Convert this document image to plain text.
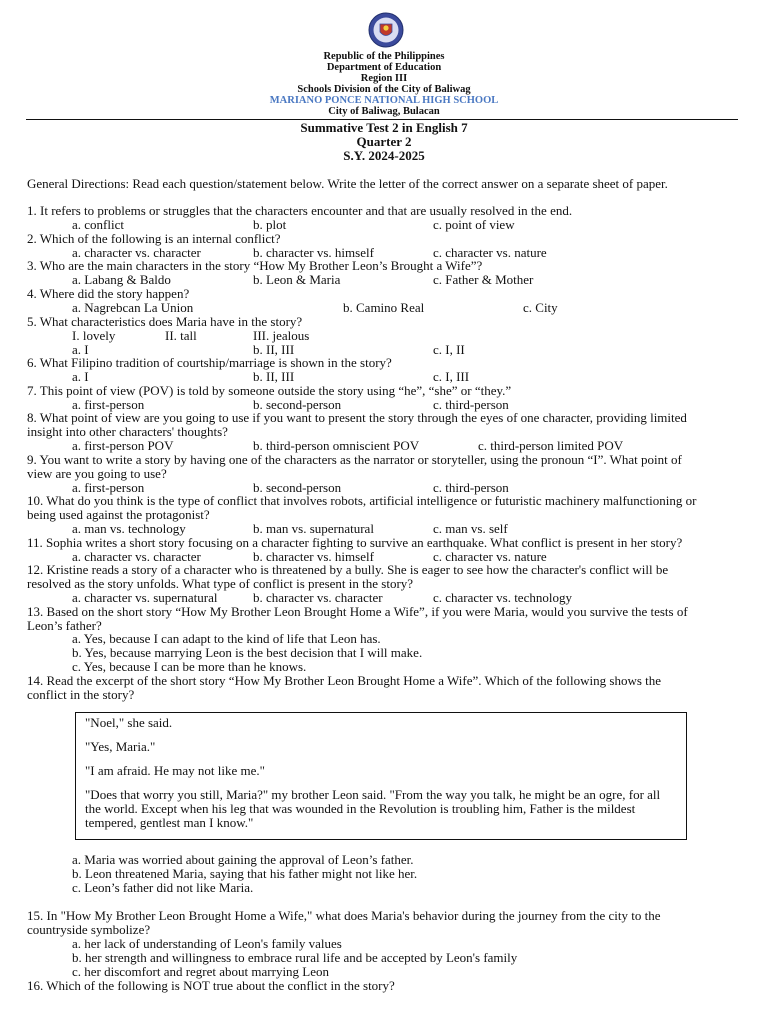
Republic of the Philippines
Department of Education
Region III
Schools Division of the City of Baliwag
MARIANO PONCE NATIONAL HIGH SCHOOL
City of Baliwag, Bulacan
Summative Test 2 in English 7
Quarter 2
S.Y. 2024-2025
General Directions: Read each question/statement below. Write the letter of the correct answer on a separate sheet of paper.
1. It refers to problems or struggles that the characters encounter and that are usually resolved in the end.
a. conflict	b. plot	c. point of view
2. Which of the following is an internal conflict?
a. character vs. character	b. character vs. himself	c. character vs. nature
3. Who are the main characters in the story “How My Brother Leon’s Brought a Wife”?
a. Labang & Baldo	b. Leon & Maria	c. Father & Mother
4. Where did the story happen?
a. Nagrebcan La Union	b. Camino Real	c. City
5. What characteristics does Maria have in the story?
I. lovely	II. tall	III. jealous
a. I	b. II, III	c. I, II
6. What Filipino tradition of courtship/marriage is shown in the story?
a. I	b. II, III	c. I, III
7. This point of view (POV) is told by someone outside the story using “he”, “she” or “they.”
a. first-person	b. second-person	c. third-person
8. What point of view are you going to use if you want to present the story through the eyes of one character, providing limited
insight into other characters' thoughts?
a. first-person POV	b. third-person omniscient POV	c. third-person limited POV
9. You want to write a story by having one of the characters as the narrator or storyteller, using the pronoun “I”. What point of
view are you going to use?
a. first-person	b. second-person	c. third-person
10. What do you think is the type of conflict that involves robots, artificial intelligence or futuristic machinery malfunctioning or
being used against the protagonist?
a. man vs. technology	b. man vs. supernatural	c. man vs. self
11. Sophia writes a short story focusing on a character fighting to survive an earthquake. What conflict is present in her story?
a. character vs. character	b. character vs. himself	c. character vs. nature
12. Kristine reads a story of a character who is threatened by a bully. She is eager to see how the character's conflict will be
resolved as the story unfolds. What type of conflict is present in the story?
a. character vs. supernatural	b. character vs. character	c. character vs. technology
13. Based on the short story “How My Brother Leon Brought Home a Wife”, if you were Maria, would you survive the tests of
Leon’s father?
a. Yes, because I can adapt to the kind of life that Leon has.
b. Yes, because marrying Leon is the best decision that I will make.
c. Yes, because I can be more than he knows.
14. Read the excerpt of the short story “How My Brother Leon Brought Home a Wife”. Which of the following shows the
conflict in the story?
"Noel," she said.
"Yes, Maria."
"I am afraid. He may not like me."
"Does that worry you still, Maria?" my brother Leon said. "From the way you talk, he might be an ogre, for all the world. Except when his leg that was wounded in the Revolution is troubling him, Father is the mildest tempered, gentlest man I know."
a. Maria was worried about gaining the approval of Leon’s father.
b. Leon threatened Maria, saying that his father might not like her.
c. Leon’s father did not like Maria.
15. In "How My Brother Leon Brought Home a Wife," what does Maria's behavior during the journey from the city to the
countryside symbolize?
a. her lack of understanding of Leon's family values
b. her strength and willingness to embrace rural life and be accepted by Leon's family
c. her discomfort and regret about marrying Leon
16. Which of the following is NOT true about the conflict in the story?
